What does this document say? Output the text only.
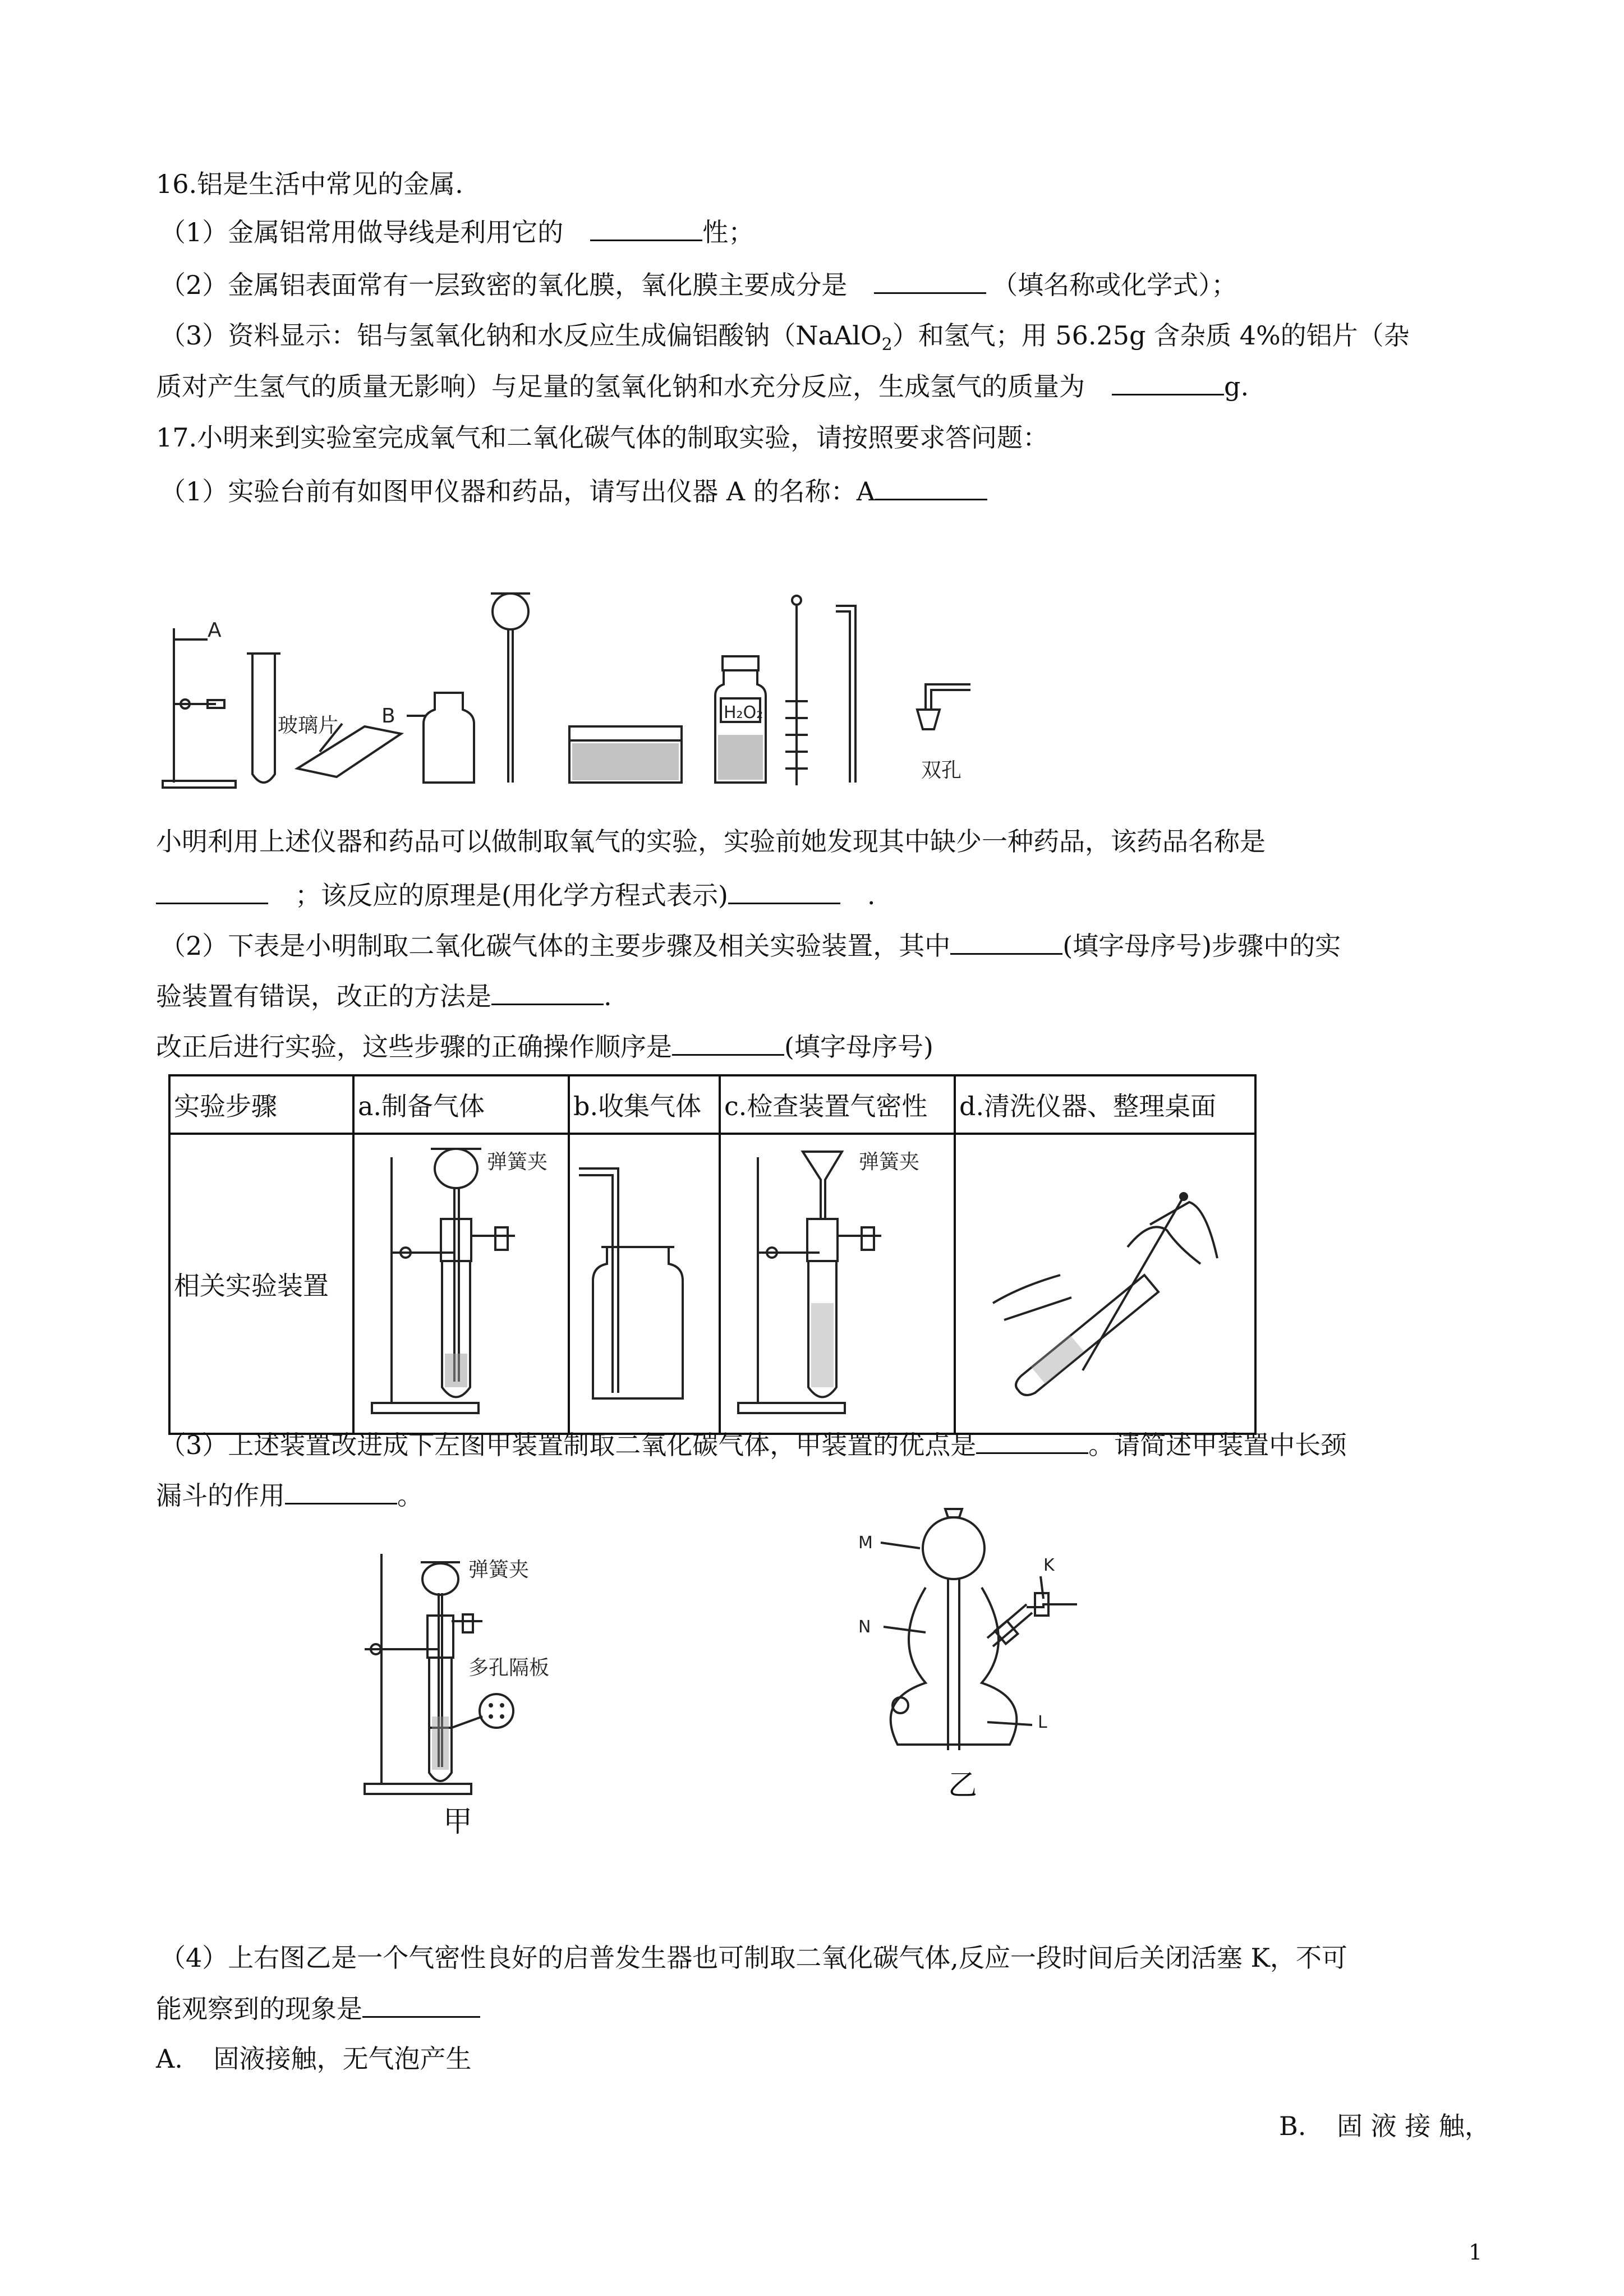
16.铝是生活中常见的金属.
（1）金属铝常用做导线是利用它的	性；
（2）金属铝表面常有一层致密的氧化膜，氧化膜主要成分是	（填名称或化学式）；
（3）资料显示：铝与氢氧化钠和水反应生成偏铝酸钠（NaAlO$_2$）和氢气；用 56.25g 含杂质 4%的铝片（杂
质对产生氢气的质量无影响）与足量的氢氧化钠和水充分反应，生成氢气的质量为	g.
17.小明来到实验室完成氧气和二氧化碳气体的制取实验，请按照要求答问题：
（1）实验台前有如图甲仪器和药品，请写出仪器 A 的名称：A
A
玻璃片 B	H₂O₂
双孔
小明利用上述仪器和药品可以做制取氧气的实验，实验前她发现其中缺少一种药品，该药品名称是
；该反应的原理是(用化学方程式表示)	.
（2）下表是小明制取二氧化碳气体的主要步骤及相关实验装置，其中	(填字母序号)步骤中的实
验装置有错误，改正的方法是	.
改正后进行实验，这些步骤的正确操作顺序是	(填字母序号)
实验步骤	a.制备气体	b.收集气体	c.检查装置气密性	d.清洗仪器、整理桌面
相关实验装置	弹簧夹		弹簧夹

（3）上述装置改进成下左图甲装置制取二氧化碳气体，甲装置的优点是	。请简述甲装置中长颈
漏斗的作用	。
弹簧夹
多孔隔板
甲
M
N
K
L
乙
（4）上右图乙是一个气密性良好的启普发生器也可制取二氧化碳气体,反应一段时间后关闭活塞 K，不可
能观察到的现象是
A. 固液接触，无气泡产生
B. 固 液 接 触，
1
